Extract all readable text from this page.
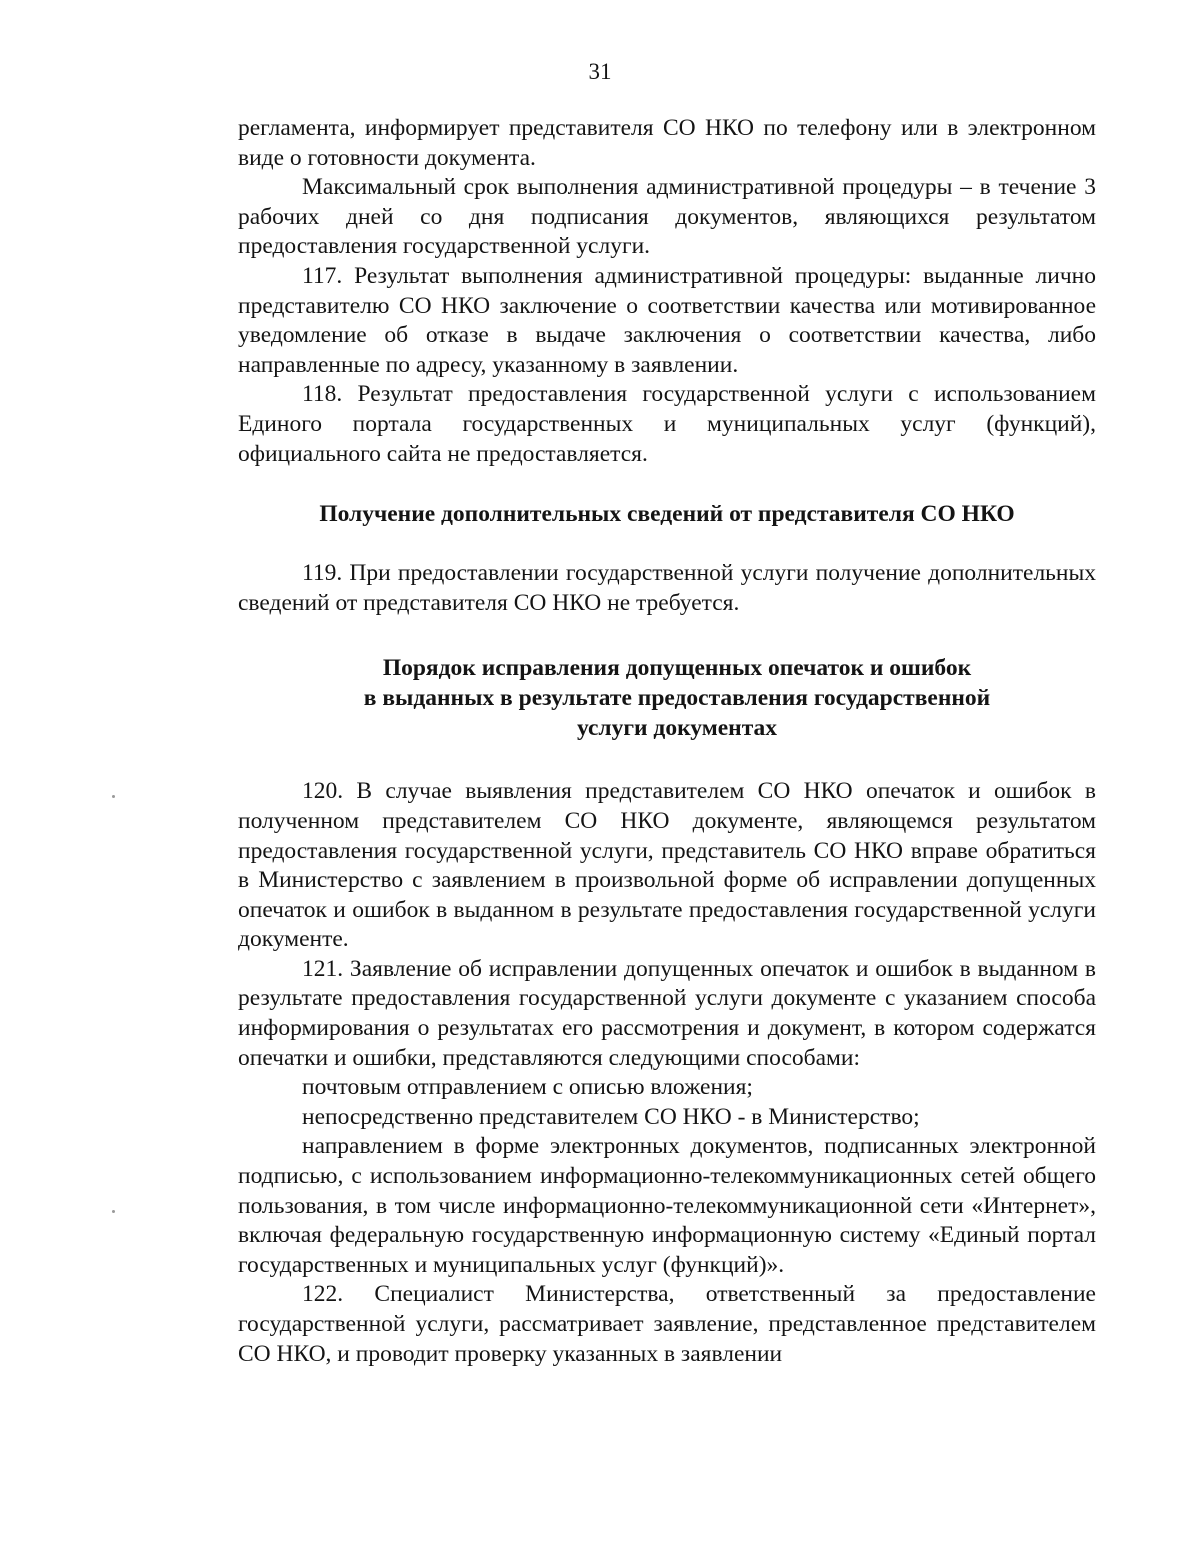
31

регламента, информирует представителя СО НКО по телефону или в электронном виде о готовности документа.

Максимальный срок выполнения административной процедуры – в течение 3 рабочих дней со дня подписания документов, являющихся результатом предоставления государственной услуги.

117. Результат выполнения административной процедуры: выданные лично представителю СО НКО заключение о соответствии качества или мотивированное уведомление об отказе в выдаче заключения о соответствии качества, либо направленные по адресу, указанному в заявлении.

118. Результат предоставления государственной услуги с использованием Единого портала государственных и муниципальных услуг (функций), официального сайта не предоставляется.

Получение дополнительных сведений от представителя СО НКО

119. При предоставлении государственной услуги получение дополнительных сведений от представителя СО НКО не требуется.

Порядок исправления допущенных опечаток и ошибок
в выданных в результате предоставления государственной
услуги документах

120. В случае выявления представителем СО НКО опечаток и ошибок в полученном представителем СО НКО документе, являющемся результатом предоставления государственной услуги, представитель СО НКО вправе обратиться в Министерство с заявлением в произвольной форме об исправлении допущенных опечаток и ошибок в выданном в результате предоставления государственной услуги документе.

121. Заявление об исправлении допущенных опечаток и ошибок в выданном в результате предоставления государственной услуги документе с указанием способа информирования о результатах его рассмотрения и документ, в котором содержатся опечатки и ошибки, представляются следующими способами:

почтовым отправлением с описью вложения;

непосредственно представителем СО НКО - в Министерство;

направлением в форме электронных документов, подписанных электронной подписью, с использованием информационно-телекоммуникационных сетей общего пользования, в том числе информационно-телекоммуникационной сети «Интернет», включая федеральную государственную информационную систему «Единый портал государственных и муниципальных услуг (функций)».

122. Специалист Министерства, ответственный за предоставление государственной услуги, рассматривает заявление, представленное представителем СО НКО, и проводит проверку указанных в заявлении
